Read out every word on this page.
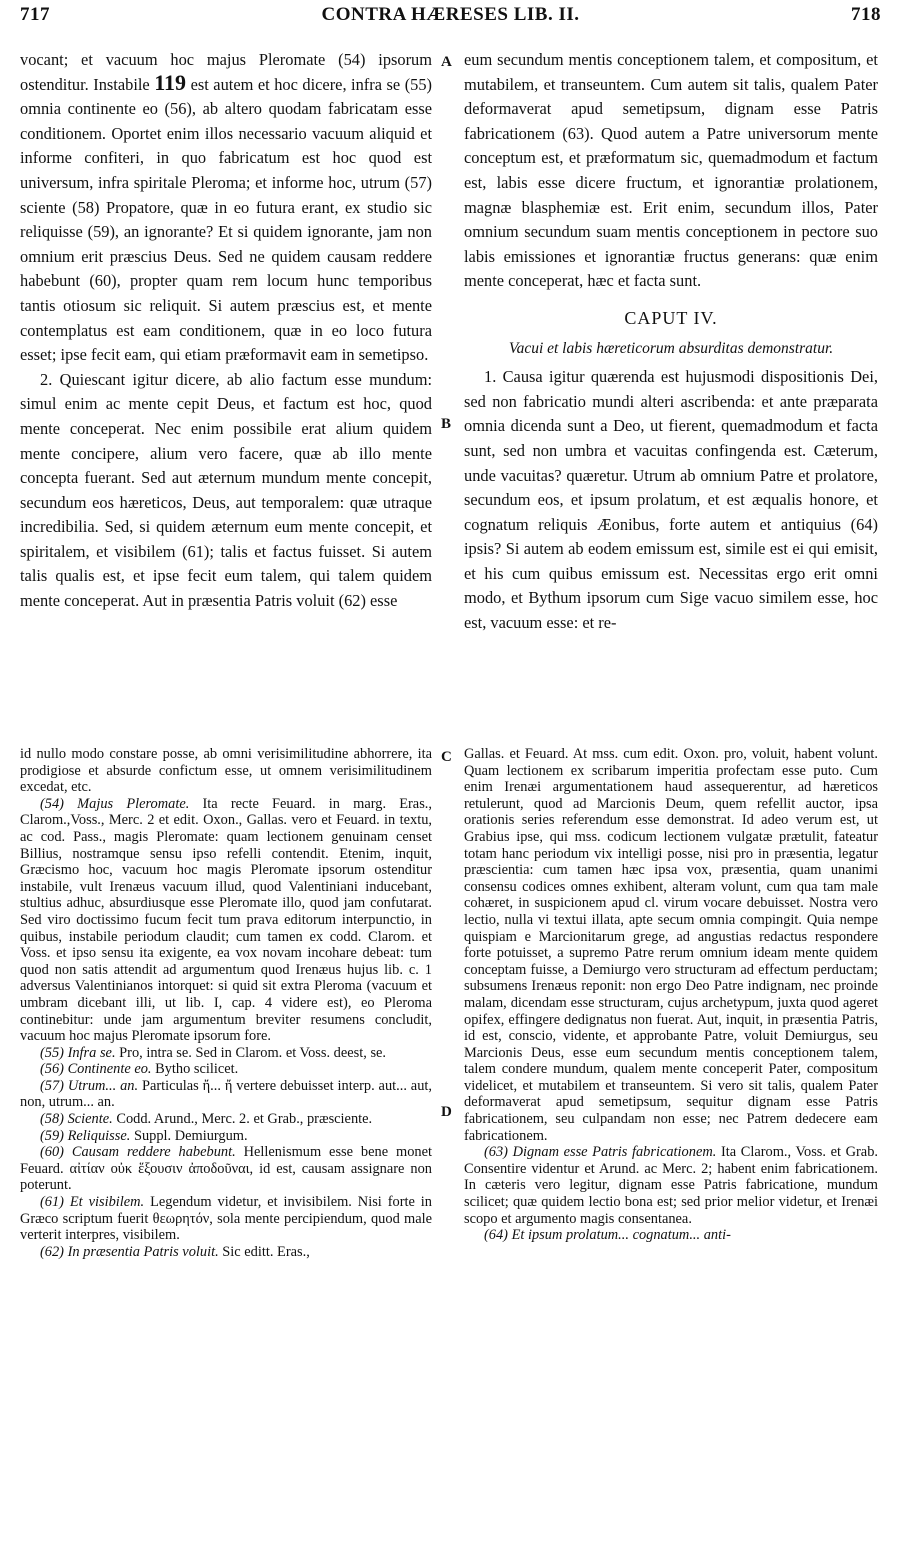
717	CONTRA HÆRESES LIB. II.	718
A
B
C
D

vocant; et vacuum hoc majus Pleromate (54) ipsorum ostenditur. Instabile 119 est autem et hoc dicere, infra se (55) omnia continente eo (56), ab altero quodam fabricatam esse conditionem. Oportet enim illos necessario vacuum aliquid et informe confiteri, in quo fabricatum est hoc quod est universum, infra spiritale Pleroma; et informe hoc, utrum (57) sciente (58) Propatore, quæ in eo futura erant, ex studio sic reliquisse (59), an ignorante? Et si quidem ignorante, jam non omnium erit præscius Deus. Sed ne quidem causam reddere habebunt (60), propter quam rem locum hunc temporibus tantis otiosum sic reliquit. Si autem præscius est, et mente contemplatus est eam conditionem, quæ in eo loco futura esset; ipse fecit eam, qui etiam præformavit eam in semetipso.

2. Quiescant igitur dicere, ab alio factum esse mundum: simul enim ac mente cepit Deus, et factum est hoc, quod mente conceperat. Nec enim possibile erat alium quidem mente concipere, alium vero facere, quæ ab illo mente concepta fuerant. Sed aut æternum mundum mente concepit, secundum eos hæreticos, Deus, aut temporalem: quæ utraque incredibilia. Sed, si quidem æternum eum mente concepit, et spiritalem, et visibilem (61); talis et factus fuisset. Si autem talis qualis est, et ipse fecit eum talem, qui talem quidem mente conceperat. Aut in præsentia Patris voluit (62) esse

id nullo modo constare posse, ab omni verisimilitudine abhorrere, ita prodigiose et absurde confictum esse, ut omnem verisimilitudinem excedat, etc.

(54) Majus Pleromate. Ita recte Feuard. in marg. Eras., Clarom.,Voss., Merc. 2 et edit. Oxon., Gallas. vero et Feuard. in textu, ac cod. Pass., magis Pleromate: quam lectionem genuinam censet Billius, nostramque sensu ipso refelli contendit. Etenim, inquit, Græcismo hoc, vacuum hoc magis Pleromate ipsorum ostenditur instabile, vult Irenæus vacuum illud, quod Valentiniani inducebant, stultius adhuc, absurdiusque esse Pleromate illo, quod jam confutarat. Sed viro doctissimo fucum fecit tum prava editorum interpunctio, in quibus, instabile periodum claudit; cum tamen ex codd. Clarom. et Voss. et ipso sensu ita exigente, ea vox novam incohare debeat: tum quod non satis attendit ad argumentum quod Irenæus hujus lib. c. 1 adversus Valentinianos intorquet: si quid sit extra Pleroma (vacuum et umbram dicebant illi, ut lib. I, cap. 4 videre est), eo Pleroma continebitur: unde jam argumentum breviter resumens concludit, vacuum hoc majus Pleromate ipsorum fore.

(55) Infra se. Pro, intra se. Sed in Clarom. et Voss. deest, se.

(56) Continente eo. Bytho scilicet.

(57) Utrum... an. Particulas ἤ... ἤ vertere debuisset interp. aut... aut, non, utrum... an.

(58) Sciente. Codd. Arund., Merc. 2. et Grab., præsciente.

(59) Reliquisse. Suppl. Demiurgum.

(60) Causam reddere habebunt. Hellenismum esse bene monet Feuard. αἰτίαν οὐκ ἕξουσιν ἀποδοῦναι, id est, causam assignare non poterunt.

(61) Et visibilem. Legendum videtur, et invisibilem. Nisi forte in Græco scriptum fuerit θεωρητόν, sola mente percipiendum, quod male verterit interpres, visibilem.

(62) In præsentia Patris voluit. Sic editt. Eras.,

eum secundum mentis conceptionem talem, et compositum, et mutabilem, et transeuntem. Cum autem sit talis, qualem Pater deformaverat apud semetipsum, dignam esse Patris fabricationem (63). Quod autem a Patre universorum mente conceptum est, et præformatum sic, quemadmodum et factum est, labis esse dicere fructum, et ignorantiæ prolationem, magnæ blasphemiæ est. Erit enim, secundum illos, Pater omnium secundum suam mentis conceptionem in pectore suo labis emissiones et ignorantiæ fructus generans: quæ enim mente conceperat, hæc et facta sunt.

CAPUT IV.

Vacui et labis hæreticorum absurditas demonstratur.

1. Causa igitur quærenda est hujusmodi dispositionis Dei, sed non fabricatio mundi alteri ascribenda: et ante præparata omnia dicenda sunt a Deo, ut fierent, quemadmodum et facta sunt, sed non umbra et vacuitas confingenda est. Cæterum, unde vacuitas? quæretur. Utrum ab omnium Patre et prolatore, secundum eos, et ipsum prolatum, et est æqualis honore, et cognatum reliquis Æonibus, forte autem et antiquius (64) ipsis? Si autem ab eodem emissum est, simile est ei qui emisit, et his cum quibus emissum est. Necessitas ergo erit omni modo, et Bythum ipsorum cum Sige vacuo similem esse, hoc est, vacuum esse: et re-

Gallas. et Feuard. At mss. cum edit. Oxon. pro, voluit, habent volunt. Quam lectionem ex scribarum imperitia profectam esse puto. Cum enim Irenæi argumentationem haud assequerentur, ad hæreticos retulerunt, quod ad Marcionis Deum, quem refellit auctor, ipsa orationis series referendum esse demonstrat. Id adeo verum est, ut Grabius ipse, qui mss. codicum lectionem vulgatæ prætulit, fateatur totam hanc periodum vix intelligi posse, nisi pro in præsentia, legatur præscientia: cum tamen hæc ipsa vox, præsentia, quam unanimi consensu codices omnes exhibent, alteram volunt, cum qua tam male cohæret, in suspicionem apud cl. virum vocare debuisset. Nostra vero lectio, nulla vi textui illata, apte secum omnia compingit. Quia nempe quispiam e Marcionitarum grege, ad angustias redactus respondere forte potuisset, a supremo Patre rerum omnium ideam mente quidem conceptam fuisse, a Demiurgo vero structuram ad effectum perductam; subsumens Irenæus reponit: non ergo Deo Patre indignam, nec proinde malam, dicendam esse structuram, cujus archetypum, juxta quod ageret opifex, effingere dedignatus non fuerat. Aut, inquit, in præsentia Patris, id est, conscio, vidente, et approbante Patre, voluit Demiurgus, seu Marcionis Deus, esse eum secundum mentis conceptionem talem, talem condere mundum, qualem mente conceperit Pater, compositum videlicet, et mutabilem et transeuntem. Si vero sit talis, qualem Pater deformaverat apud semetipsum, sequitur dignam esse Patris fabricationem, seu culpandam non esse; nec Patrem dedecere eam fabricationem.

(63) Dignam esse Patris fabricationem. Ita Clarom., Voss. et Grab. Consentire videntur et Arund. ac Merc. 2; habent enim fabricationem. In cæteris vero legitur, dignam esse Patris fabricatione, mundum scilicet; quæ quidem lectio bona est; sed prior melior videtur, et Irenæi scopo et argumento magis consentanea.

(64) Et ipsum prolatum... cognatum... anti-
